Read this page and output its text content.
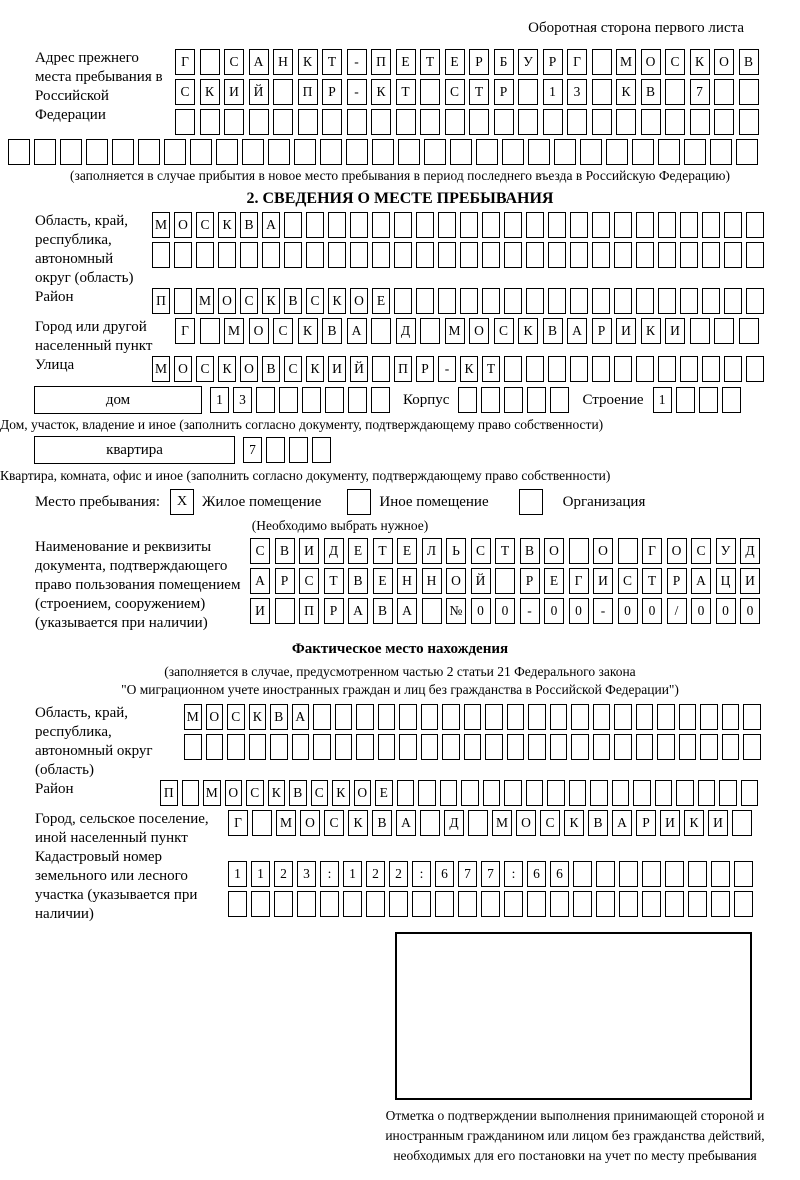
Оборотная сторона первого листа
Адрес прежнего места пребывания в Российской Федерации
Г	С	А	Н	К	Т	-	П	Е	Т	Е	Р	Б	У	Р	Г	М	О	С	К	О	В
С	К	И	Й	П	Р	-	К	Т	С	Т	Р	1	3	К	В	7
(заполняется в случае прибытия в новое место пребывания в период последнего въезда в Российскую Федерацию)
2. СВЕДЕНИЯ О МЕСТЕ ПРЕБЫВАНИЯ
Область, край, республика, автономный округ (область)
М О С К В А
Район	П	М О С К В С К О Е
Город или другой населенный пункт
Г	М	О	С	К	В	А	Д	М	О	С	К	В	А	Р	И	К	И
Улица	М О С К О В С К И Й	П Р	-	К Т
дом	1	3	Корпус	Строение	1
Дом, участок, владение и иное (заполнить согласно документу, подтверждающему право собственности)
квартира	7
Квартира, комната, офис и иное (заполнить согласно документу, подтверждающему право собственности)
Место пребывания:	X Жилое помещение	Иное помещение	Организация
(Необходимо выбрать нужное)
Наименование и реквизиты документа, подтверждающего право пользования помещением (строением, сооружением) (указывается при наличии)
С	В	И	Д	Е	Т	Е	Л	Ь	С	Т	В	О	О	Г	О	С	У	Д
А	Р	С	Т	В	Е	Н	Н	О	Й	Р	Е	Г	И	С	Т	Р	А	Ц	И
И	П	Р	А	В	А	№	0	0	-	0	0	-	0	0	/	0	0	0
Фактическое место нахождения
(заполняется в случае, предусмотренном частью 2 статьи 21 Федерального закона
"О миграционном учете иностранных граждан и лиц без гражданства в Российской Федерации")
Область, край, республика, автономный округ (область)
М О С К В А
Район	П М О С К В С К О Е
Город, сельское поселение, иной населенный пункт
Г	М О	С	К	В	А	Д	М О	С	К	В	А	Р	И	К	И
Кадастровый номер земельного или лесного участка (указывается при наличии)
1	1	2	3	:	1	2	2	:	6	7	7	:	6	6
Отметка о подтверждении выполнения принимающей стороной и иностранным гражданином или лицом без гражданства действий, необходимых для его постановки на учет по месту пребывания
